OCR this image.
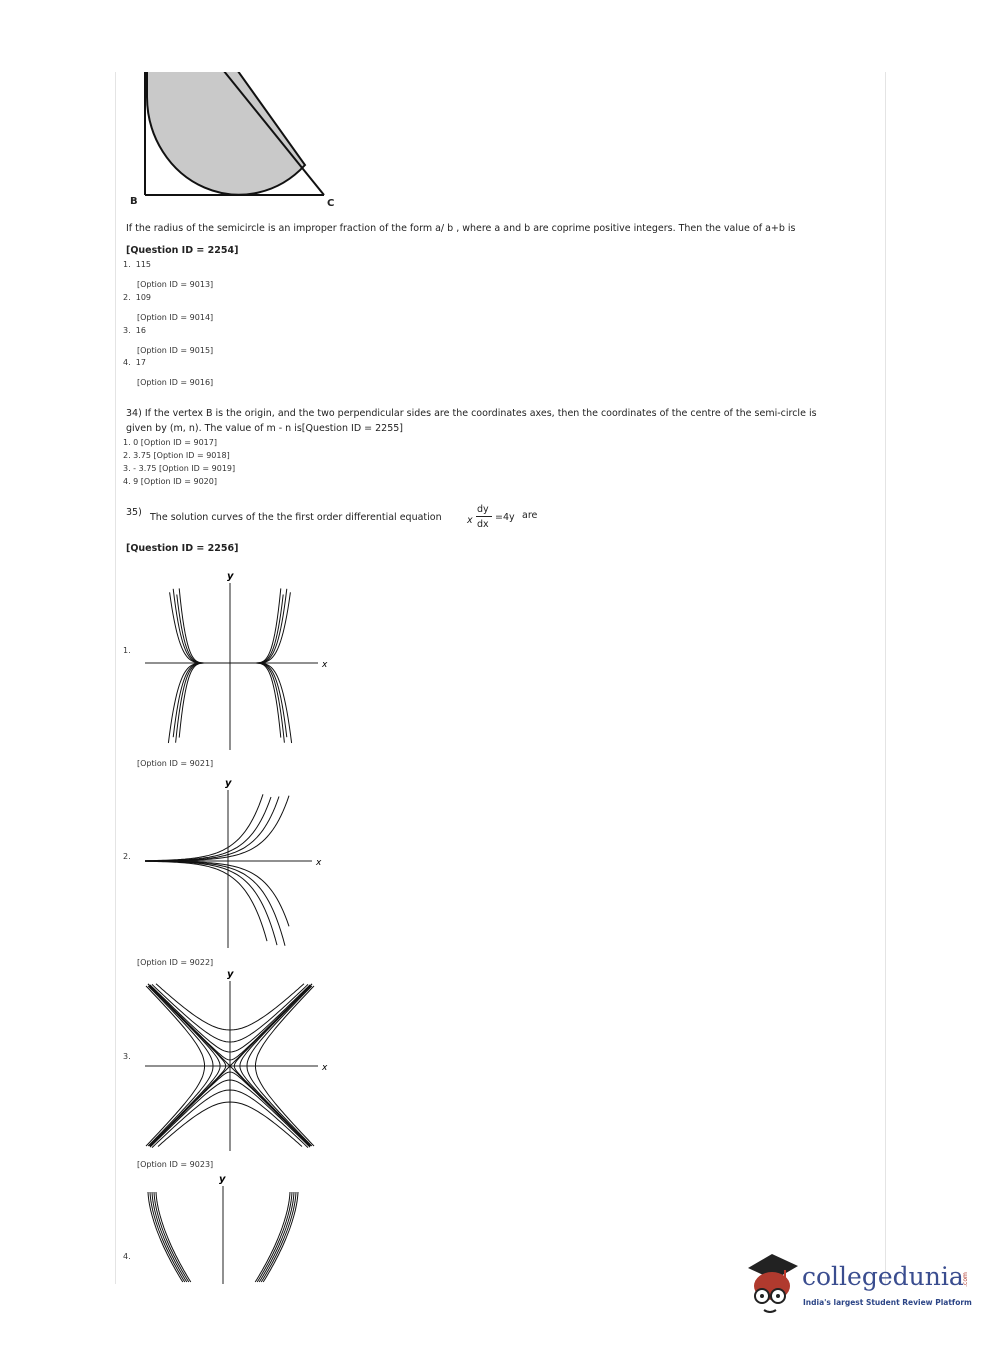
B	C
If the radius of the semicircle is an improper fraction of the form a/ b , where a and b are coprime positive integers. Then the value of a+b is
[Question ID = 2254]
1. 115
[Option ID = 9013]
2. 109
[Option ID = 9014]
3. 16
[Option ID = 9015]
4. 17
[Option ID = 9016]
34) If the vertex B is the origin, and the two perpendicular sides are the coordinates axes, then the coordinates of the centre of the semi-circle is
given by (m, n). The value of m - n is[Question ID = 2255]
1. 0 [Option ID = 9017]
2. 3.75 [Option ID = 9018]
3. - 3.75 [Option ID = 9019]
4. 9 [Option ID = 9020]
35) The solution curves of the the first order differential equation	x
dy
dx
=4y are
[Question ID = 2256]
1.
y
x
[Option ID = 9021]
2.
y
x
[Option ID = 9022]
3.
y
x
[Option ID = 9023]
4.
y
collegedunia
.com
India's largest Student Review Platform
